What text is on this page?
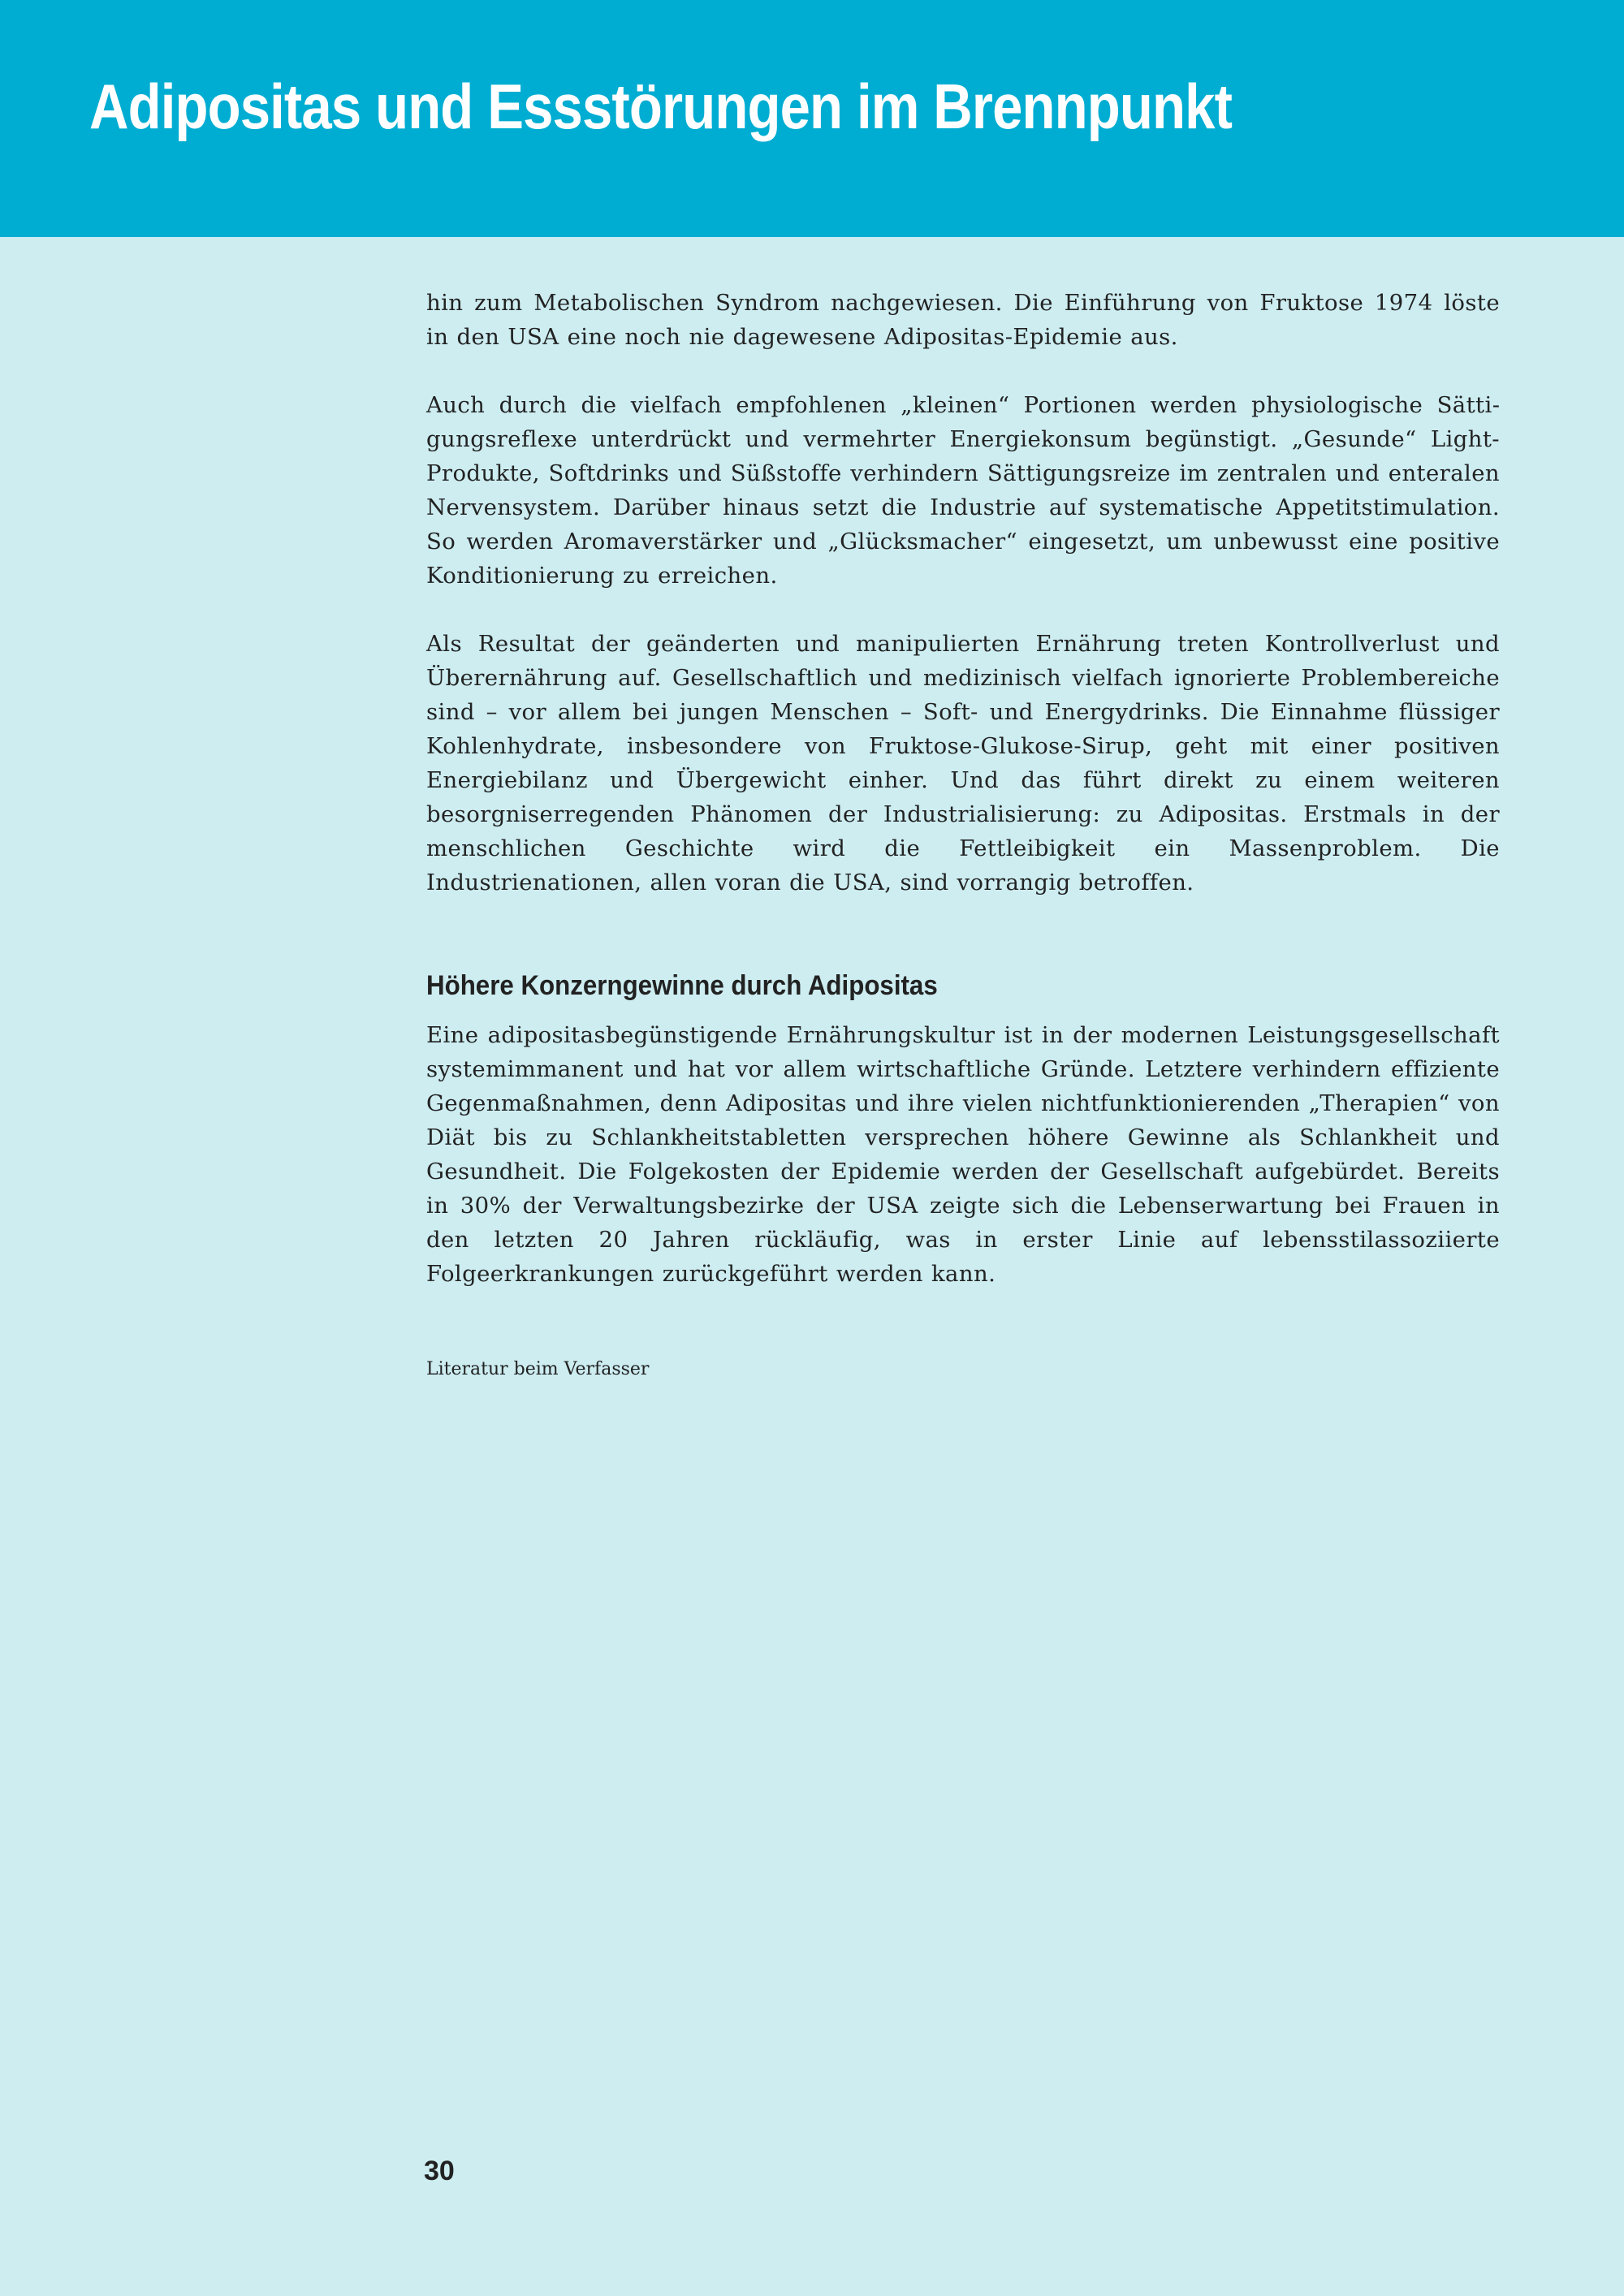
Adipositas und Essstörungen im Brennpunkt

hin zum Metabolischen Syndrom nachgewiesen. Die Einführung von Fruktose 1974 löste in den USA eine noch nie dagewesene Adipositas-Epidemie aus.

Auch durch die vielfach empfohlenen „kleinen“ Portionen werden physiologische Sättigungsreflexe unterdrückt und vermehrter Energiekonsum begünstigt. „Gesunde“ Light-Produkte, Softdrinks und Süßstoffe verhindern Sättigungsreize im zentralen und enteralen Nervensystem. Darüber hinaus setzt die Industrie auf systematische Appetitstimulation. So werden Aromaverstärker und „Glücksmacher“ eingesetzt, um unbewusst eine positive Konditionierung zu erreichen.

Als Resultat der geänderten und manipulierten Ernährung treten Kontrollverlust und Überernährung auf. Gesellschaftlich und medizinisch vielfach ignorierte Problembereiche sind – vor allem bei jungen Menschen – Soft- und Energydrinks. Die Einnahme flüssiger Kohlenhydrate, insbesondere von Fruktose-Glukose-Sirup, geht mit einer positiven Energiebilanz und Übergewicht einher. Und das führt direkt zu einem weiteren besorgniserregenden Phänomen der Industrialisierung: zu Adipositas. Erstmals in der menschlichen Geschichte wird die Fettleibigkeit ein Massenproblem. Die Industrienationen, allen voran die USA, sind vorrangig betroffen.

Höhere Konzerngewinne durch Adipositas

Eine adipositasbegünstigende Ernährungskultur ist in der modernen Leistungsgesellschaft systemimmanent und hat vor allem wirtschaftliche Gründe. Letztere verhindern effiziente Gegenmaßnahmen, denn Adipositas und ihre vielen nichtfunktionierenden „Therapien“ von Diät bis zu Schlankheitstabletten versprechen höhere Gewinne als Schlankheit und Gesundheit. Die Folgekosten der Epidemie werden der Gesellschaft aufgebürdet. Bereits in 30% der Verwaltungsbezirke der USA zeigte sich die Lebenserwartung bei Frauen in den letzten 20 Jahren rückläufig, was in erster Linie auf lebensstilassoziierte Folgeerkrankungen zurückgeführt werden kann.

Literatur beim Verfasser

30
